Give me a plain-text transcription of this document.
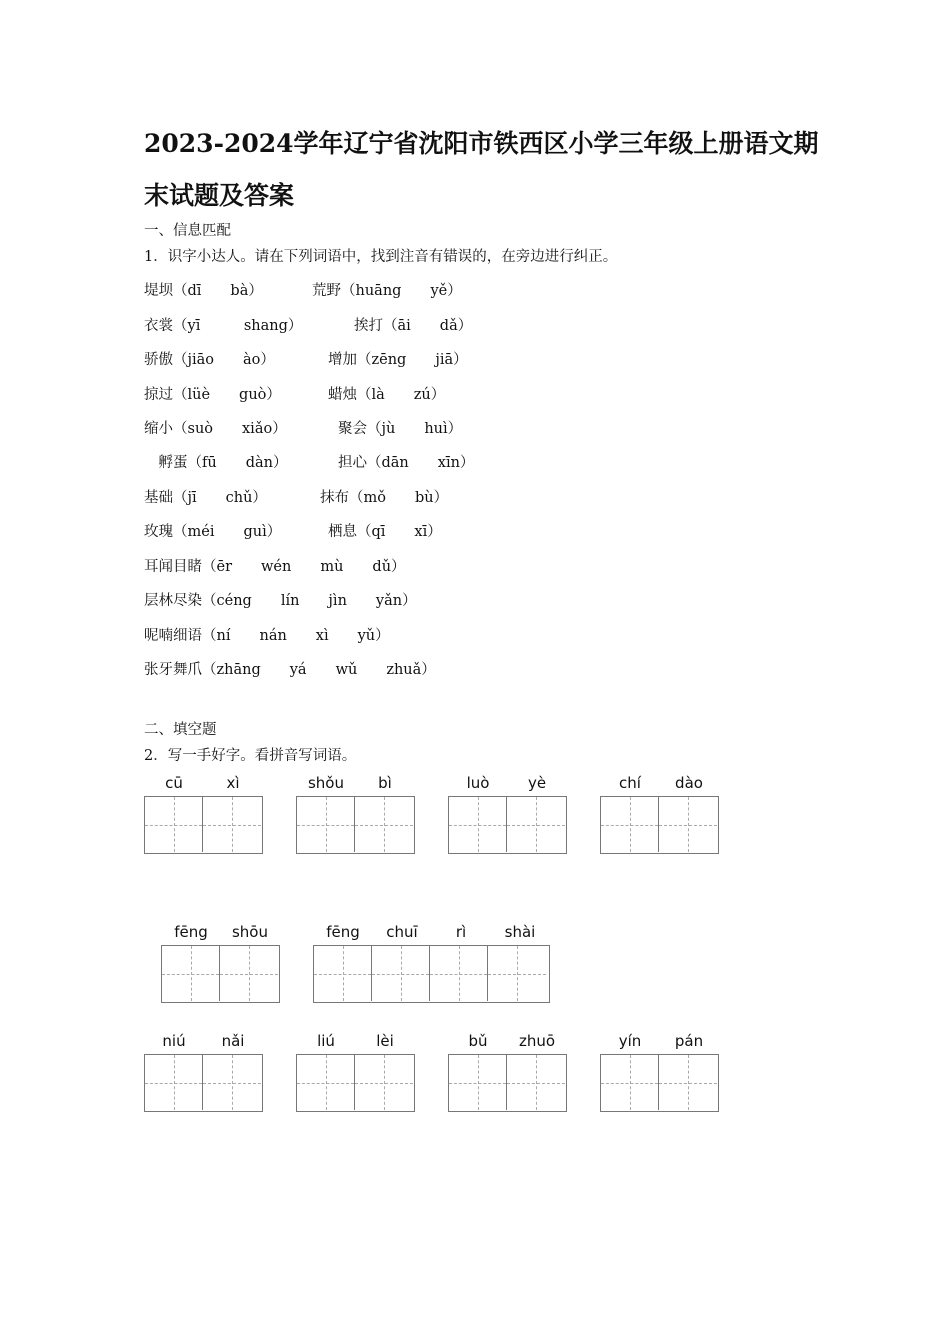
2023-2024学年辽宁省沈阳市铁西区小学三年级上册语文期末试题及答案
一、信息匹配
1．识字小达人。请在下列词语中，找到注音有错误的，在旁边进行纠正。
堤坝（dī　　bà）	荒野（huāng　　yě）
衣裳（yī　　　shang）	挨打（āi　　dǎ）
骄傲（jiāo　　ào）	增加（zēng　　jiā）
掠过（lüè　　guò）	蜡烛（là　　zú）
缩小（suò　　xiǎo）	聚会（jù　　huì）
　孵蛋（fū　　dàn）	担心（dān　　xīn）
基础（jī　　chǔ）	抹布（mǒ　　bù）
玫瑰（méi　　guì）	栖息（qī　　xī）
耳闻目睹（ēr　　wén　　mù　　dǔ）
层林尽染（céng　　lín　　jìn　　yǎn）
呢喃细语（ní　　nán　　xì　　yǔ）
张牙舞爪（zhāng　　yá　　wǔ　　zhuǎ）
二、填空题
2．写一手好字。看拼音写词语。
cū	xì	shǒu	bì	luò	yè	chí	dào
fēng	shōu	fēng	chuī	rì	shài
niú	nǎi	liú	lèi	bǔ	zhuō	yín	pán
